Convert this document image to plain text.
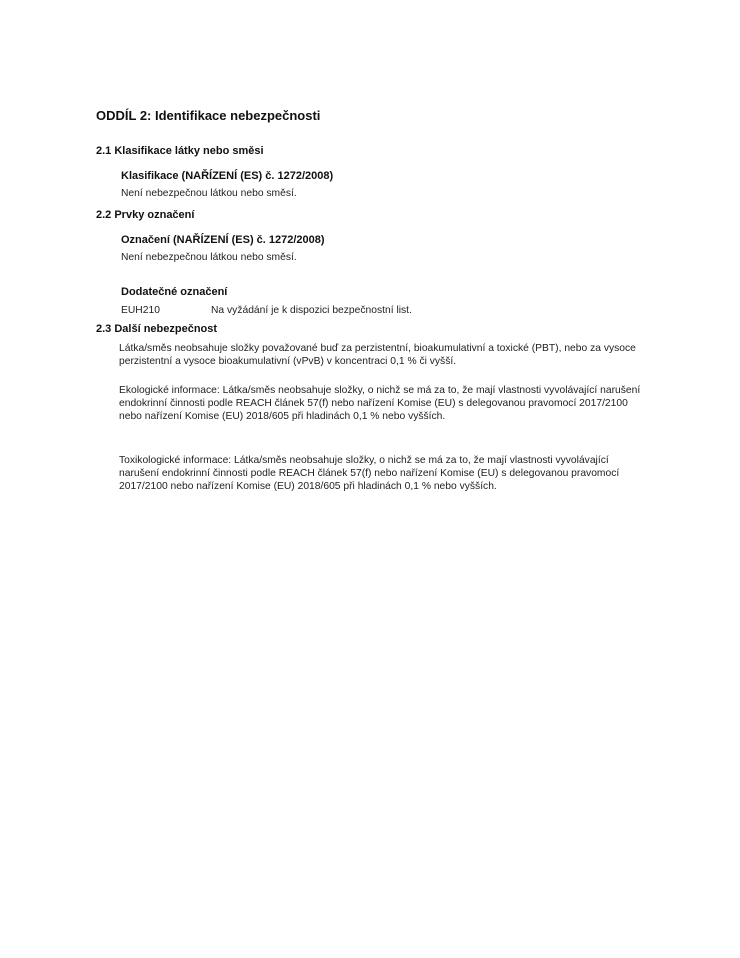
ODDÍL 2: Identifikace nebezpečnosti
2.1 Klasifikace látky nebo směsi
Klasifikace (NAŘÍZENÍ (ES) č. 1272/2008)

Není nebezpečnou látkou nebo směsí.

2.2 Prvky označení
Označení (NAŘÍZENÍ (ES) č. 1272/2008)

Není nebezpečnou látkou nebo směsí.

Dodatečné označení
EUH210	Na vyžádání je k dispozici bezpečnostní list.
2.3 Další nebezpečnost

Látka/směs neobsahuje složky považované buď za perzistentní, bioakumulativní a toxické (PBT), nebo za vysoce perzistentní a vysoce bioakumulativní (vPvB) v koncentraci 0,1 % či vyšší.

Ekologické informace: Látka/směs neobsahuje složky, o nichž se má za to, že mají vlastnosti vyvolávající narušení endokrinní činnosti podle REACH článek 57(f) nebo nařízení Komise (EU) s delegovanou pravomocí 2017/2100 nebo nařízení Komise (EU) 2018/605 při hladinách 0,1 % nebo vyšších.

Toxikologické informace: Látka/směs neobsahuje složky, o nichž se má za to, že mají vlastnosti vyvolávající narušení endokrinní činnosti podle REACH článek 57(f) nebo nařízení Komise (EU) s delegovanou pravomocí 2017/2100 nebo nařízení Komise (EU) 2018/605 při hladinách 0,1 % nebo vyšších.
